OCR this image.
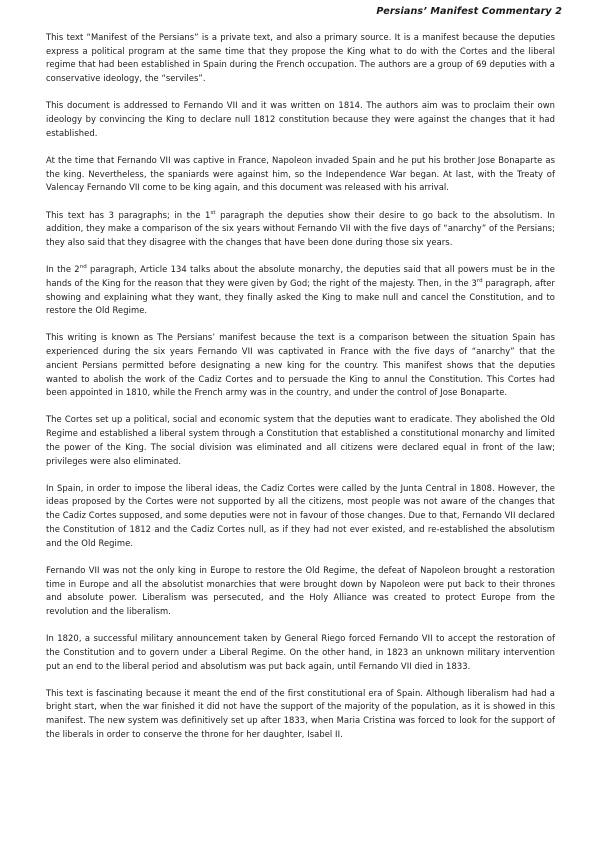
Persians’ Manifest Commentary 2

This text “Manifest of the Persians” is a private text, and also a primary source. It is a manifest because the deputies express a political program at the same time that they propose the King what to do with the Cortes and the liberal regime that had been established in Spain during the French occupation. The authors are a group of 69 deputies with a conservative ideology, the “serviles”.

This document is addressed to Fernando VII and it was written on 1814. The authors aim was to proclaim their own ideology by convincing the King to declare null 1812 constitution because they were against the changes that it had established.

At the time that Fernando VII was captive in France, Napoleon invaded Spain and he put his brother Jose Bonaparte as the king. Nevertheless, the spaniards were against him, so the Independence War began. At last, with the Treaty of Valencay Fernando VII come to be king again, and this document was released with his arrival.

This text has 3 paragraphs; in the 1st paragraph the deputies show their desire to go back to the absolutism. In addition, they make a comparison of the six years without Fernando VII with the five days of “anarchy” of the Persians; they also said that they disagree with the changes that have been done during those six years.

In the 2nd paragraph, Article 134 talks about the absolute monarchy, the deputies said that all powers must be in the hands of the King for the reason that they were given by God; the right of the majesty. Then, in the 3rd paragraph, after showing and explaining what they want, they finally asked the King to make null and cancel the Constitution, and to restore the Old Regime.

This writing is known as The Persians’ manifest because the text is a comparison between the situation Spain has experienced during the six years Fernando VII was captivated in France with the five days of “anarchy” that the ancient Persians permitted before designating a new king for the country. This manifest shows that the deputies wanted to abolish the work of the Cadiz Cortes and to persuade the King to annul the Constitution. This Cortes had been appointed in 1810, while the French army was in the country, and under the control of Jose Bonaparte.

The Cortes set up a political, social and economic system that the deputies want to eradicate. They abolished the Old Regime and established a liberal system through a Constitution that established a constitutional monarchy and limited the power of the King. The social division was eliminated and all citizens were declared equal in front of the law; privileges were also eliminated.

In Spain, in order to impose the liberal ideas, the Cadiz Cortes were called by the Junta Central in 1808. However, the ideas proposed by the Cortes were not supported by all the citizens, most people was not aware of the changes that the Cadiz Cortes supposed, and some deputies were not in favour of those changes. Due to that, Fernando VII declared the Constitution of 1812 and the Cadiz Cortes null, as if they had not ever existed, and re-established the absolutism and the Old Regime.

Fernando VII was not the only king in Europe to restore the Old Regime, the defeat of Napoleon brought a restoration time in Europe and all the absolutist monarchies that were brought down by Napoleon were put back to their thrones and absolute power. Liberalism was persecuted, and the Holy Alliance was created to protect Europe from the revolution and the liberalism.

In 1820, a successful military announcement taken by General Riego forced Fernando VII to accept the restoration of the Constitution and to govern under a Liberal Regime. On the other hand, in 1823 an unknown military intervention put an end to the liberal period and absolutism was put back again, until Fernando VII died in 1833.

This text is fascinating because it meant the end of the first constitutional era of Spain. Although liberalism had had a bright start, when the war finished it did not have the support of the majority of the population, as it is showed in this manifest. The new system was definitively set up after 1833, when Maria Cristina was forced to look for the support of the liberals in order to conserve the throne for her daughter, Isabel II.
